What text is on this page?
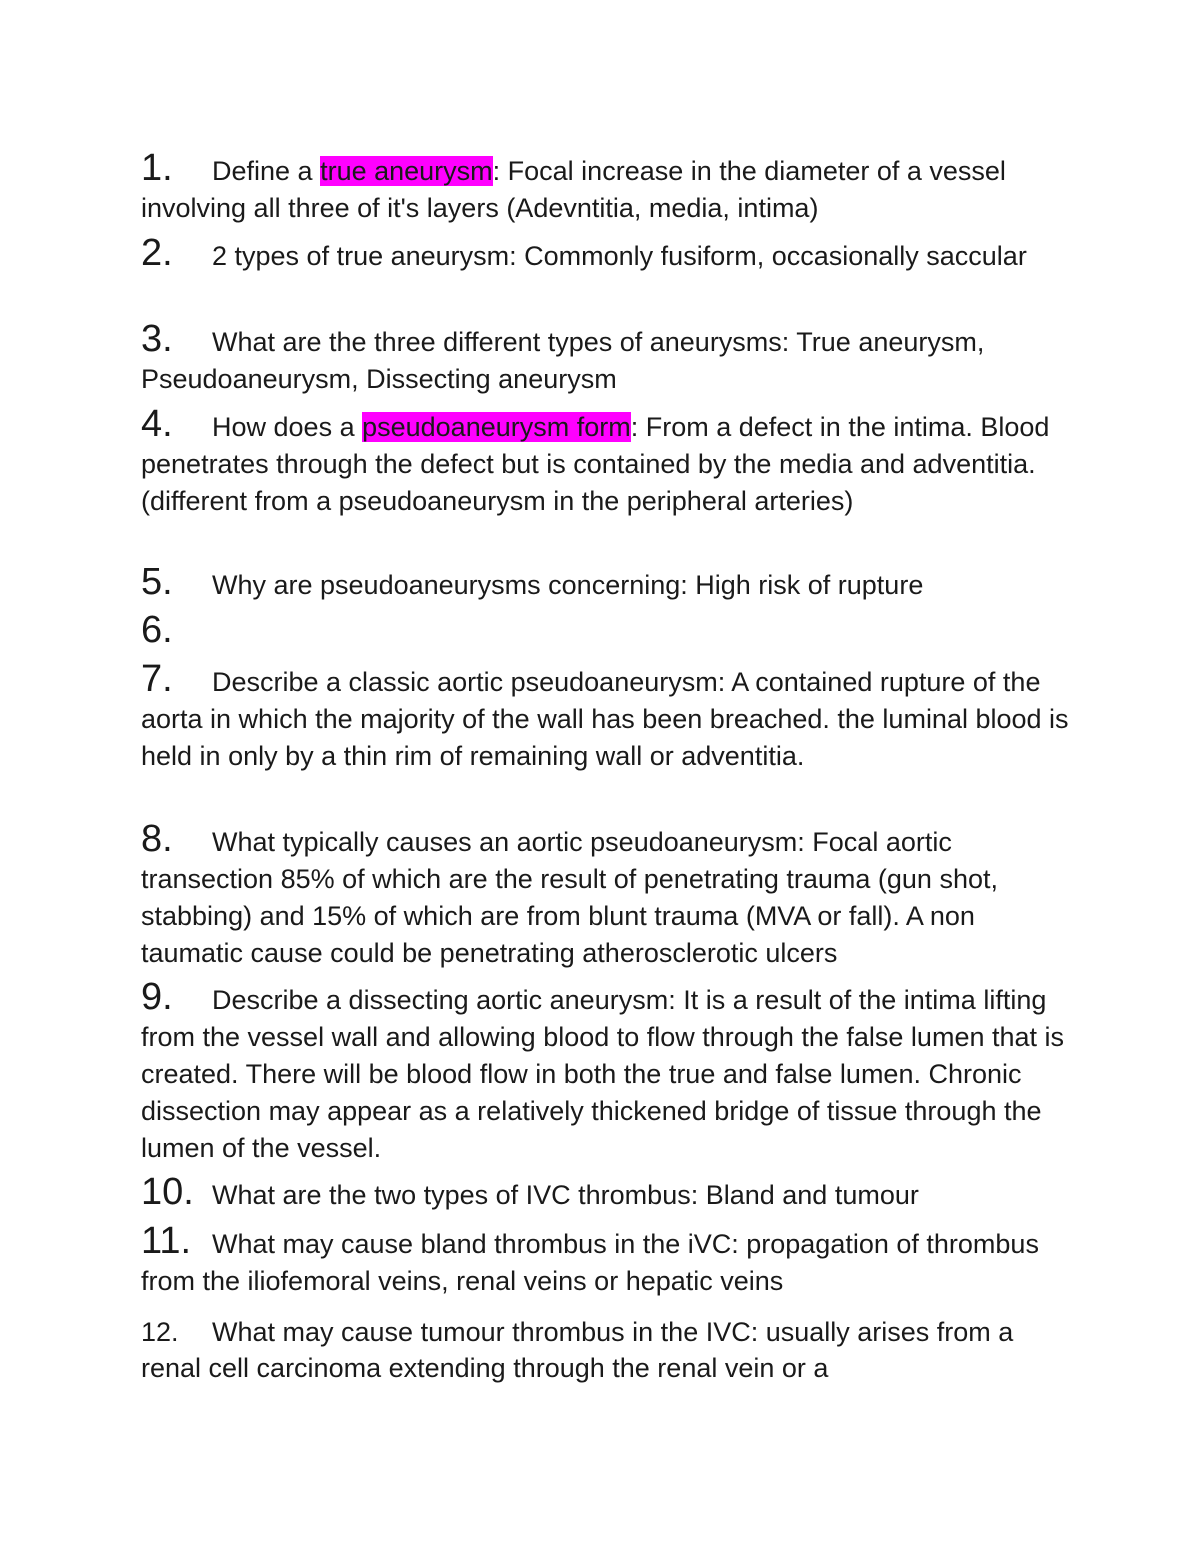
1. Define a true aneurysm: Focal increase in the diameter of a vessel involving all three of it's layers (Adevntitia, media, intima)
2. 2 types of true aneurysm: Commonly fusiform, occasionally saccular
3. What are the three different types of aneurysms: True aneurysm, Pseudoaneurysm, Dissecting aneurysm
4. How does a pseudoaneurysm form: From a defect in the intima. Blood penetrates through the defect but is contained by the media and adventitia. (different from a pseudoaneurysm in the peripheral arteries)
5. Why are pseudoaneurysms concerning: High risk of rupture
6.
7. Describe a classic aortic pseudoaneurysm: A contained rupture of the aorta in which the majority of the wall has been breached. the luminal blood is held in only by a thin rim of remaining wall or adventitia.
8. What typically causes an aortic pseudoaneurysm: Focal aortic transection 85% of which are the result of penetrating trauma (gun shot, stabbing) and 15% of which are from blunt trauma (MVA or fall). A non taumatic cause could be penetrating atherosclerotic ulcers
9. Describe a dissecting aortic aneurysm: It is a result of the intima lifting from the vessel wall and allowing blood to flow through the false lumen that is created. There will be blood flow in both the true and false lumen. Chronic dissection may appear as a relatively thickened bridge of tissue through the lumen of the vessel.
10. What are the two types of IVC thrombus: Bland and tumour
11. What may cause bland thrombus in the iVC: propagation of thrombus from the iliofemoral veins, renal veins or hepatic veins
12. What may cause tumour thrombus in the IVC: usually arises from a renal cell carcinoma extending through the renal vein or a
